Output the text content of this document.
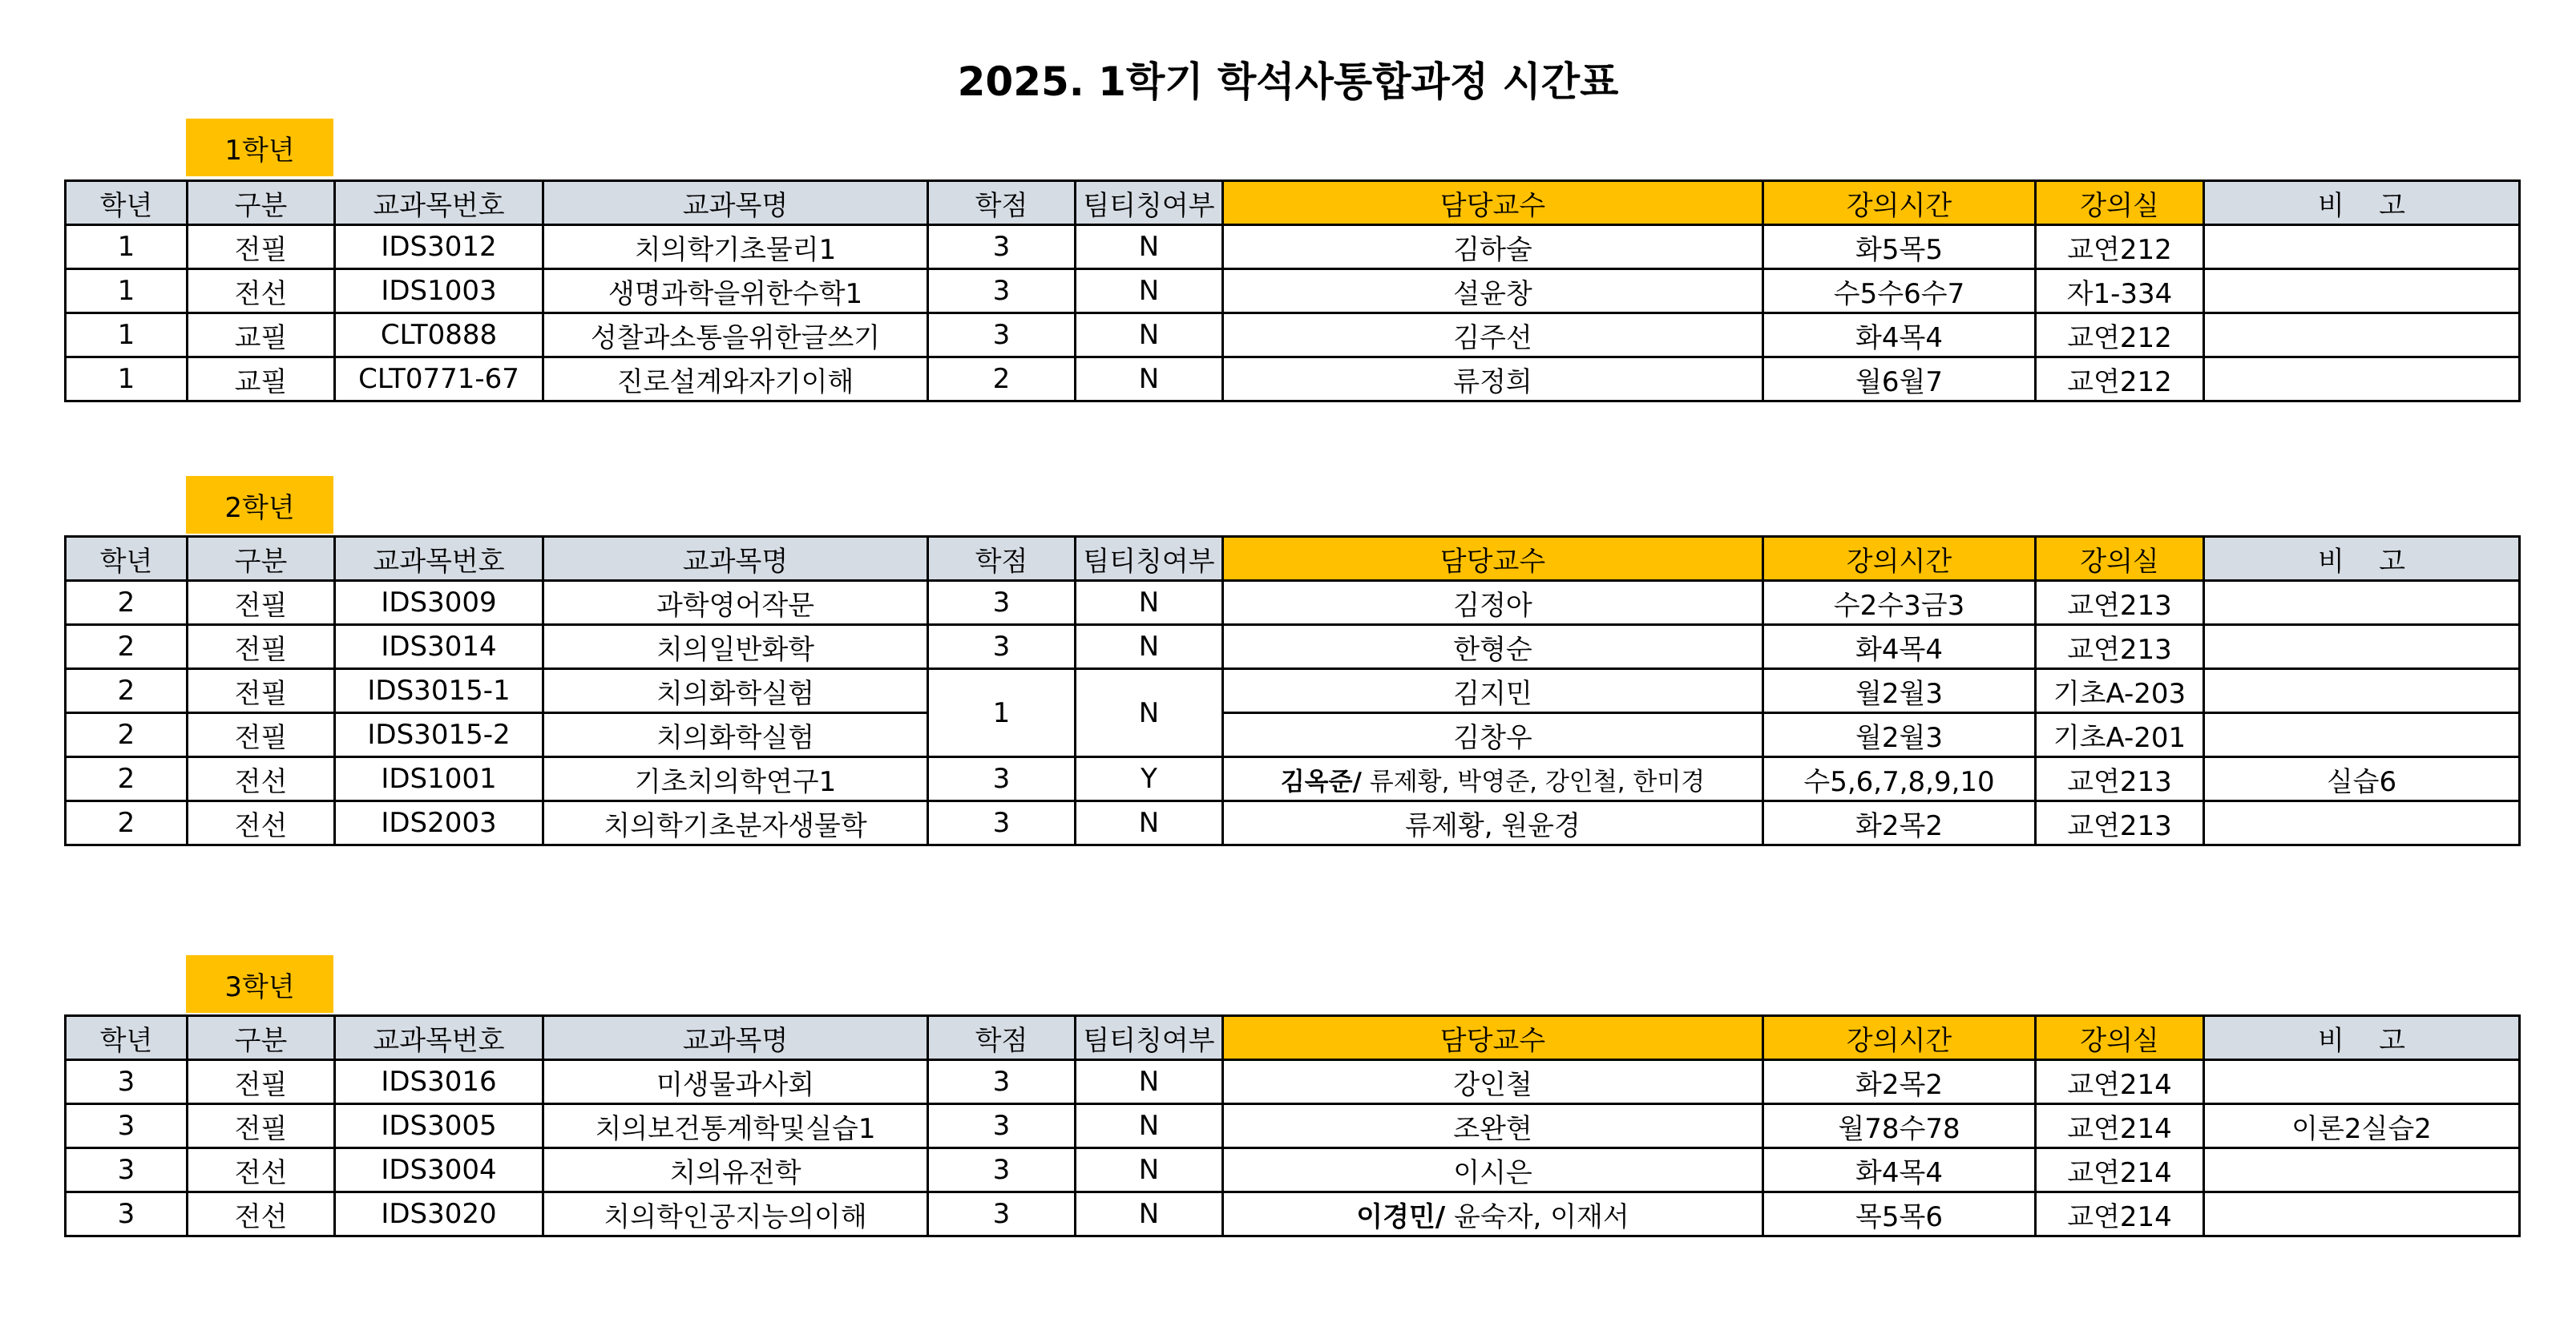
2025. 1학기 학석사통합과정 시간표
1학년
학년	구분	교과목번호	교과목명	학점	팀티칭여부	담당교수	강의시간	강의실	비    고
1	전필	IDS3012	치의학기초물리1	3	N	김하술	화5목5	교연212	
1	전선	IDS1003	생명과학을위한수학1	3	N	설윤창	수5수6수7	자1-334	
1	교필	CLT0888	성찰과소통을위한글쓰기	3	N	김주선	화4목4	교연212	
1	교필	CLT0771-67	진로설계와자기이해	2	N	류정희	월6월7	교연212	
2학년
학년	구분	교과목번호	교과목명	학점	팀티칭여부	담당교수	강의시간	강의실	비    고
2	전필	IDS3009	과학영어작문	3	N	김정아	수2수3금3	교연213	
2	전필	IDS3014	치의일반화학	3	N	한형순	화4목4	교연213	
2	전필	IDS3015-1	치의화학실험	1	N	김지민	월2월3	기초A-203	
2	전필	IDS3015-2	치의화학실험			김창우	월2월3	기초A-201	
2	전선	IDS1001	기초치의학연구1	3	Y	김옥준/ 류제황, 박영준, 강인철, 한미경	수5,6,7,8,9,10	교연213	실습6
2	전선	IDS2003	치의학기초분자생물학	3	N	류제황, 원윤경	화2목2	교연213	
3학년
학년	구분	교과목번호	교과목명	학점	팀티칭여부	담당교수	강의시간	강의실	비    고
3	전필	IDS3016	미생물과사회	3	N	강인철	화2목2	교연214	
3	전필	IDS3005	치의보건통계학및실습1	3	N	조완현	월78수78	교연214	이론2실습2
3	전선	IDS3004	치의유전학	3	N	이시은	화4목4	교연214	
3	전선	IDS3020	치의학인공지능의이해	3	N	이경민/ 윤숙자, 이재서	목5목6	교연214	
